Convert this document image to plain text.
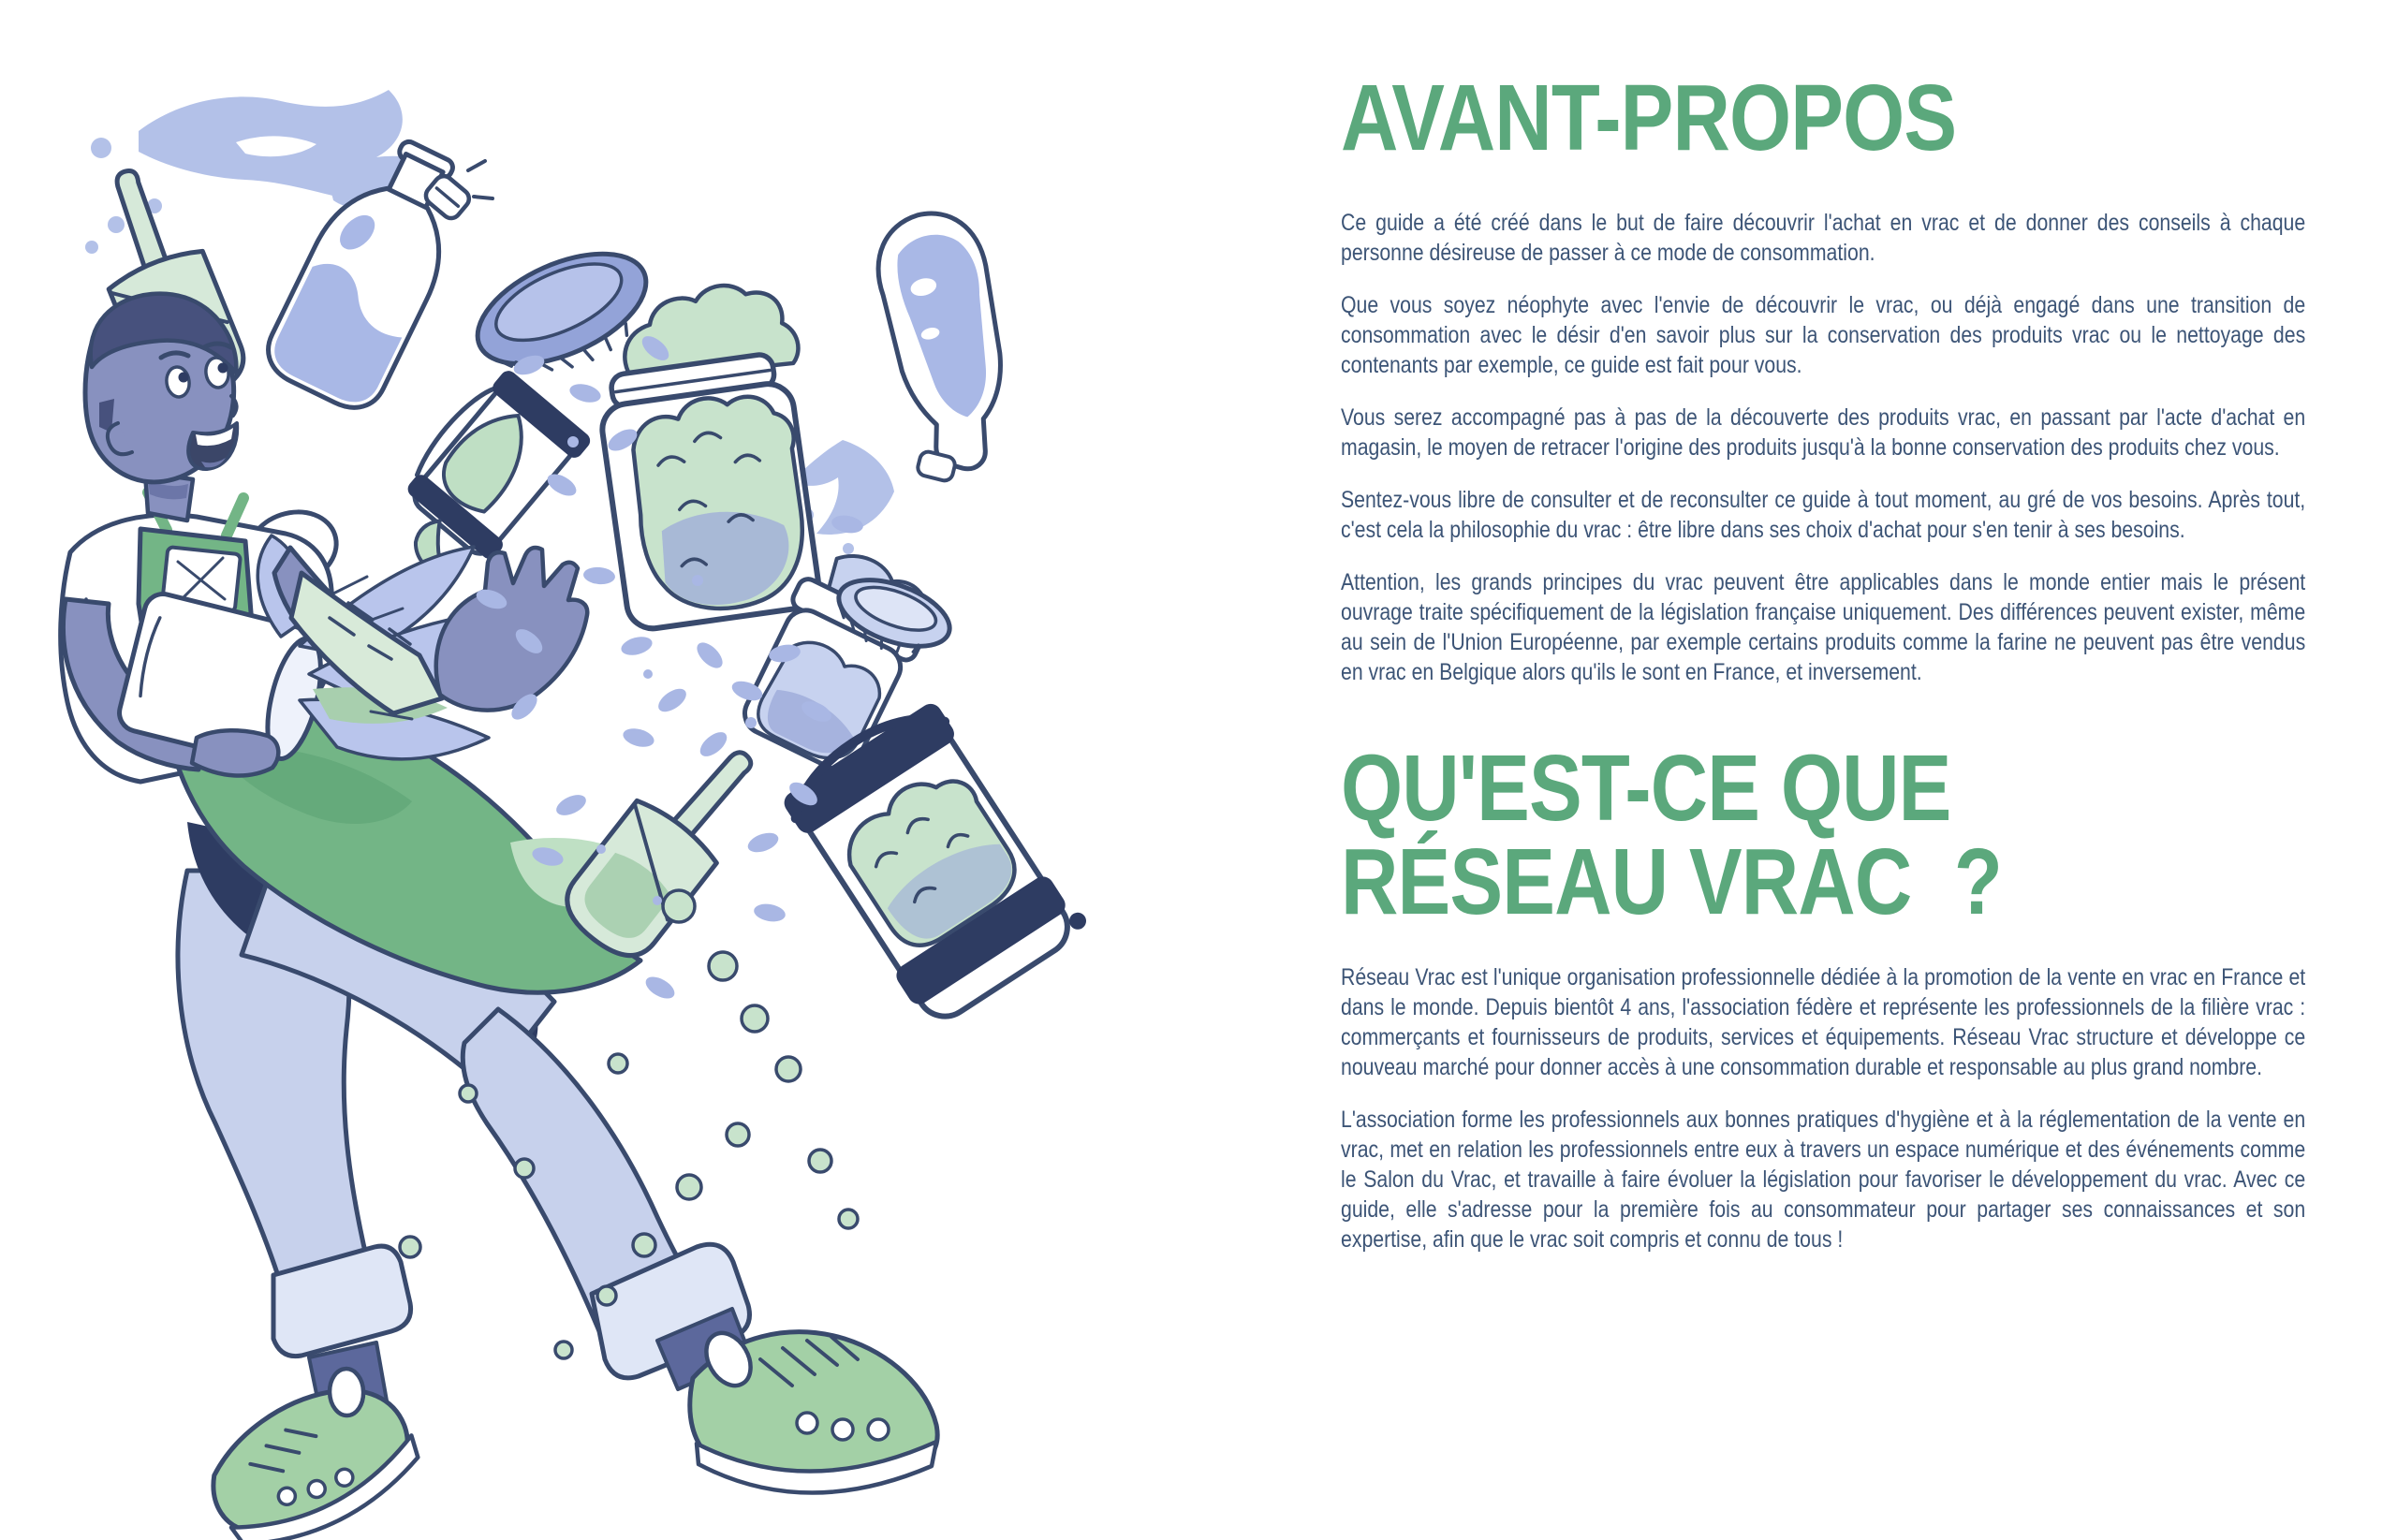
AVANT-PROPOS

Ce guide a été créé dans le but de faire découvrir l'achat en vrac et de donner des conseils à chaque personne désireuse de passer à ce mode de consommation.

Que vous soyez néophyte avec l'envie de découvrir le vrac, ou déjà engagé dans une transition de consommation avec le désir d'en savoir plus sur la conservation des produits vrac ou le nettoyage des contenants par exemple, ce guide est fait pour vous.

Vous serez accompagné pas à pas de la découverte des produits vrac, en passant par l'acte d'achat en magasin, le moyen de retracer l'origine des produits jusqu'à la bonne conservation des produits chez vous.

Sentez-vous libre de consulter et de reconsulter ce guide à tout moment, au gré de vos besoins. Après tout, c'est cela la philosophie du vrac : être libre dans ses choix d'achat pour s'en tenir à ses besoins.

Attention, les grands principes du vrac peuvent être applicables dans le monde entier mais le présent ouvrage traite spécifiquement de la législation française uniquement. Des différences peuvent exister, même au sein de l'Union Européenne, par exemple certains produits comme la farine ne peuvent pas être vendus en vrac en Belgique alors qu'ils le sont en France, et inversement.

QU'EST-CE QUE
RÉSEAU VRAC  ?

Réseau Vrac est l'unique organisation professionnelle dédiée à la promotion de la vente en vrac en France et dans le monde. Depuis bientôt 4 ans, l'association fédère et représente les professionnels de la filière vrac : commerçants et fournisseurs de produits, services et équipements. Réseau Vrac structure et développe ce nouveau marché pour donner accès à une consommation durable et responsable au plus grand nombre.

L'association forme les professionnels aux bonnes pratiques d'hygiène et à la réglementation de la vente en vrac, met en relation les professionnels entre eux à travers un espace numérique et des événements comme le Salon du Vrac, et travaille à faire évoluer la législation pour favoriser le développement du vrac. Avec ce guide, elle s'adresse pour la première fois au consommateur pour partager ses connaissances et son expertise, afin que le vrac soit compris et connu de tous !
